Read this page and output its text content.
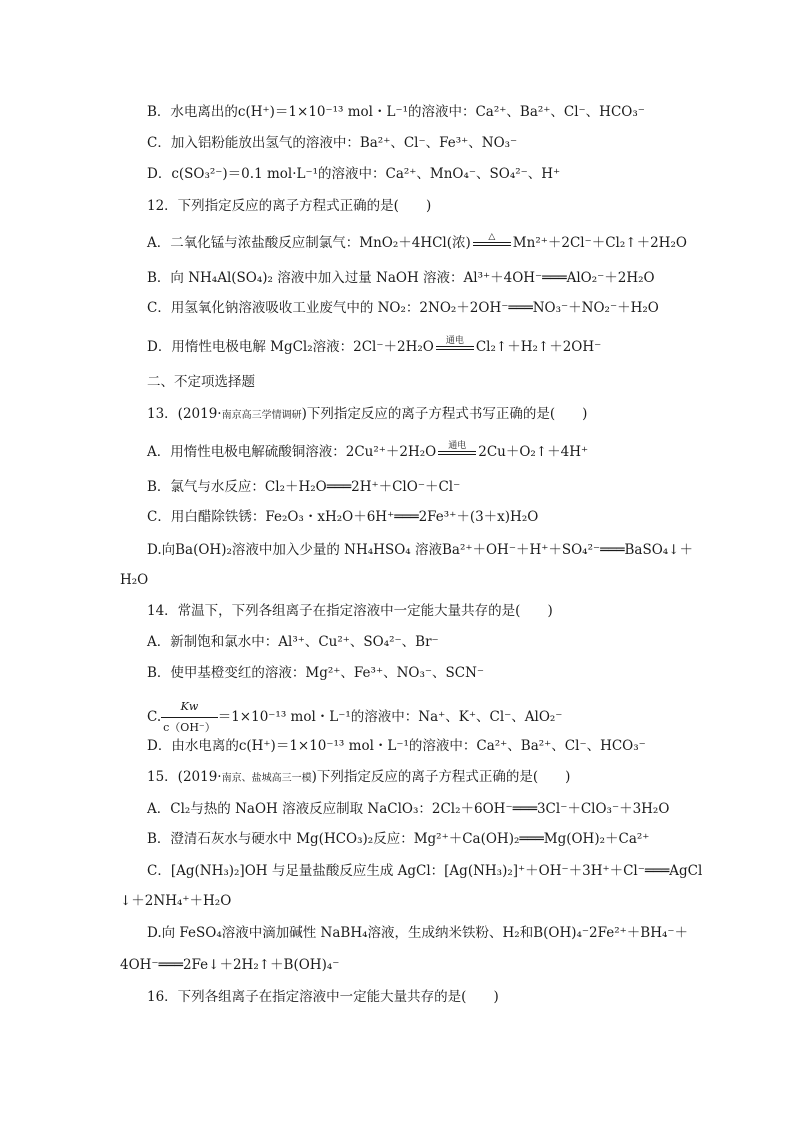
B．水电离出的c(H⁺)＝1×10⁻¹³ mol・L⁻¹的溶液中：Ca²⁺、Ba²⁺、Cl⁻、HCO₃⁻
C．加入铝粉能放出氢气的溶液中：Ba²⁺、Cl⁻、Fe³⁺、NO₃⁻
D．c(SO₃²⁻)＝0.1 mol·L⁻¹的溶液中：Ca²⁺、MnO₄⁻、SO₄²⁻、H⁺
12．下列指定反应的离子方程式正确的是(　　)
A．二氧化锰与浓盐酸反应制氯气：MnO₂＋4HCl(浓)	△	Mn²⁺＋2Cl⁻＋Cl₂↑＋2H₂O
B．向 NH₄Al(SO₄)₂ 溶液中加入过量 NaOH 溶液：Al³⁺＋4OH⁻═══AlO₂⁻＋2H₂O
C．用氢氧化钠溶液吸收工业废气中的 NO₂：2NO₂＋2OH⁻═══NO₃⁻＋NO₂⁻＋H₂O
D．用惰性电极电解 MgCl₂溶液：2Cl⁻＋2H₂O	通电 Cl₂↑＋H₂↑＋2OH⁻
二、不定项选择题
13．(2019·南京高三学情调研)下列指定反应的离子方程式书写正确的是(　　)
A．用惰性电极电解硫酸铜溶液：2Cu²⁺＋2H₂O	通电 2Cu＋O₂↑＋4H⁺
B．氯气与水反应：Cl₂＋H₂O═══2H⁺＋ClO⁻＋Cl⁻
C．用白醋除铁锈：Fe₂O₃・xH₂O＋6H⁺═══2Fe³⁺＋(3＋x)H₂O
D.向Ba(OH)₂溶液中加入少量的 NH₄HSO₄ 溶液Ba²⁺＋OH⁻＋H⁺＋SO₄²⁻═══BaSO₄↓＋
H₂O
14．常温下，下列各组离子在指定溶液中一定能大量共存的是(　　)
A．新制饱和氯水中：Al³⁺、Cu²⁺、SO₄²⁻、Br⁻
B．使甲基橙变红的溶液：Mg²⁺、Fe³⁺、NO₃⁻、SCN⁻
C. $\frac{Kw}{c(OH^-)} =1\times 10^{-13}$ mol・L⁻¹的溶液中：Na⁺、K⁺、Cl⁻、AlO₂⁻
D．由水电离的c(H⁺)＝1×10⁻¹³ mol・L⁻¹的溶液中：Ca²⁺、Ba²⁺、Cl⁻、HCO₃⁻
15．(2019·南京、盐城高三一模)下列指定反应的离子方程式正确的是(　　)
A．Cl₂与热的 NaOH 溶液反应制取 NaClO₃：2Cl₂＋6OH⁻═══3Cl⁻＋ClO₃⁻＋3H₂O
B．澄清石灰水与硬水中 Mg(HCO₃)₂反应：Mg²⁺＋Ca(OH)₂═══Mg(OH)₂＋Ca²⁺
C．[Ag(NH₃)₂]OH 与足量盐酸反应生成 AgCl：[Ag(NH₃)₂]⁺＋OH⁻＋3H⁺＋Cl⁻═══AgCl
↓＋2NH₄⁺＋H₂O
D.向 FeSO₄溶液中滴加碱性 NaBH₄溶液，生成纳米铁粉、H₂和B(OH)₄⁻2Fe²⁺＋BH₄⁻＋
4OH⁻═══2Fe↓＋2H₂↑＋B(OH)₄⁻
16．下列各组离子在指定溶液中一定能大量共存的是(　　)
